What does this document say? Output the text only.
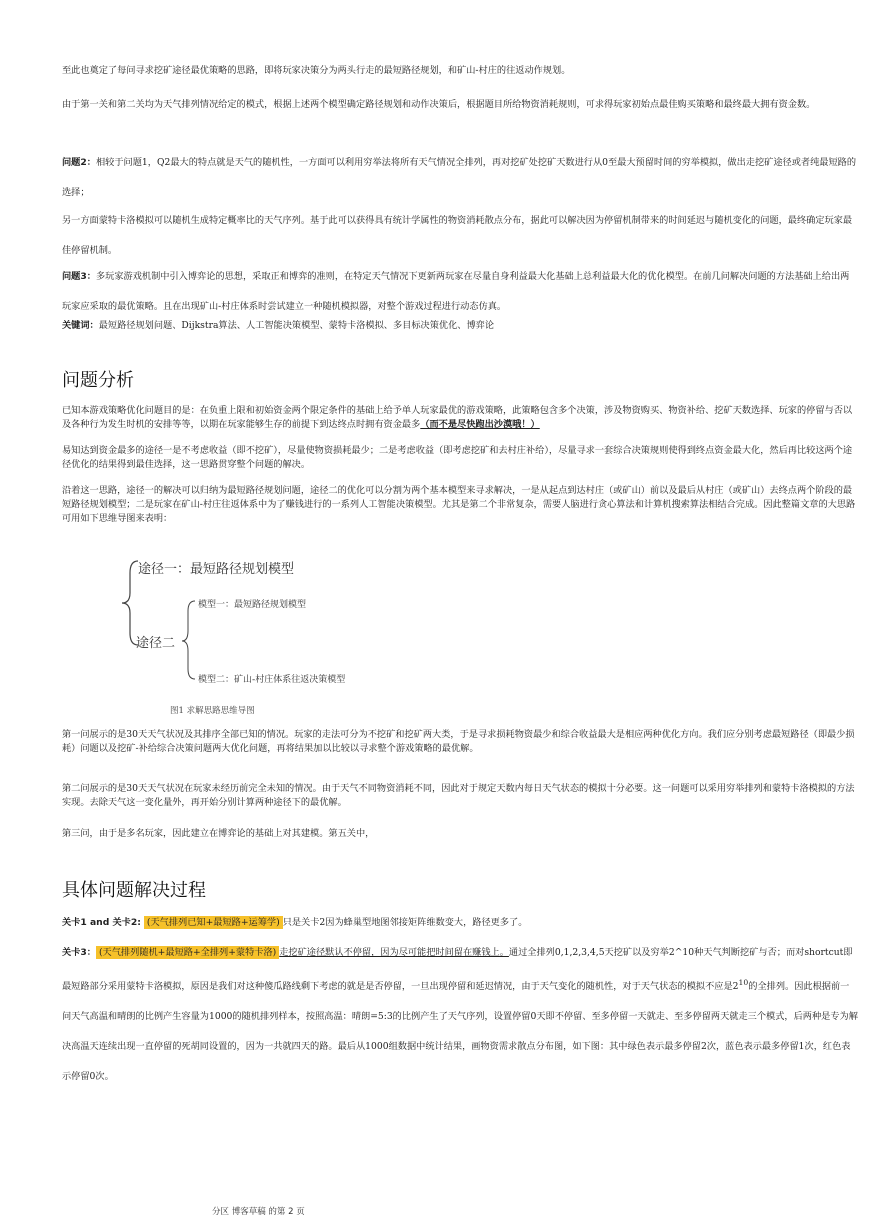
至此也奠定了每问寻求挖矿途径最优策略的思路，即将玩家决策分为两头行走的最短路径规划，和矿山-村庄的往返动作规划。

由于第一关和第二关均为天气排列情况给定的模式，根据上述两个模型确定路径规划和动作决策后，根据题目所给物资消耗规则，可求得玩家初始点最佳购买策略和最终最大拥有资金数。

问题2：相较于问题1，Q2最大的特点就是天气的随机性，一方面可以利用穷举法将所有天气情况全排列，再对挖矿处挖矿天数进行从0至最大预留时间的穷举模拟，做出走挖矿途径或者纯最短路的选择；

另一方面蒙特卡洛模拟可以随机生成特定概率比的天气序列。基于此可以获得具有统计学属性的物资消耗散点分布，据此可以解决因为停留机制带来的时间延迟与随机变化的问题，最终确定玩家最佳停留机制。

问题3：多玩家游戏机制中引入博弈论的思想，采取正和博弈的准则，在特定天气情况下更新两玩家在尽量自身利益最大化基础上总利益最大化的优化模型。在前几问解决问题的方法基础上给出两玩家应采取的最优策略。且在出现矿山-村庄体系时尝试建立一种随机模拟器，对整个游戏过程进行动态仿真。

关键词：最短路径规划问题、Dijkstra算法、人工智能决策模型、蒙特卡洛模拟、多目标决策优化、博弈论

问题分析

已知本游戏策略优化问题目的是：在负重上限和初始资金两个限定条件的基础上给予单人玩家最优的游戏策略，此策略包含多个决策，涉及物资购买、物资补给、挖矿天数选择、玩家的停留与否以及各种行为发生时机的安排等等，以期在玩家能够生存的前提下到达终点时拥有资金最多（而不是尽快跑出沙漠哦！）

易知达到资金最多的途径一是不考虑收益（即不挖矿），尽量使物资损耗最少；二是考虑收益（即考虑挖矿和去村庄补给），尽量寻求一套综合决策规则使得到终点资金最大化，然后再比较这两个途径优化的结果得到最佳选择，这一思路贯穿整个问题的解决。

沿着这一思路，途径一的解决可以归纳为最短路径规划问题，途径二的优化可以分割为两个基本模型来寻求解决，一是从起点到达村庄（或矿山）前以及最后从村庄（或矿山）去终点两个阶段的最短路径规划模型；二是玩家在矿山-村庄往返体系中为了赚钱进行的一系列人工智能决策模型。尤其是第二个非常复杂，需要人脑进行贪心算法和计算机搜索算法相结合完成。因此整篇文章的大思路可用如下思维导图来表明：

途径一：最短路径规划模型
途径二
模型一：最短路径规划模型
模型二：矿山-村庄体系往返决策模型
图1 求解思路思维导图

第一问展示的是30天天气状况及其排序全部已知的情况。玩家的走法可分为不挖矿和挖矿两大类，于是寻求损耗物资最少和综合收益最大是相应两种优化方向。我们应分别考虑最短路径（即最少损耗）问题以及挖矿-补给综合决策问题两大优化问题，再将结果加以比较以寻求整个游戏策略的最优解。

第二问展示的是30天天气状况在玩家未经历前完全未知的情况。由于天气不同物资消耗不同，因此对于规定天数内每日天气状态的模拟十分必要。这一问题可以采用穷举排列和蒙特卡洛模拟的方法实现。去除天气这一变化量外，再开始分别计算两种途径下的最优解。

第三问，由于是多名玩家，因此建立在博弈论的基础上对其建模。第五关中，

具体问题解决过程

关卡1 and 关卡2: (天气排列已知+最短路+运筹学) 只是关卡2因为蜂巢型地图邻接矩阵维数变大，路径更多了。

关卡3： (天气排列随机+最短路+全排列+蒙特卡洛) 走挖矿途径默认不停留，因为尽可能把时间留在赚钱上。通过全排列0,1,2,3,4,5天挖矿以及穷举2^10种天气判断挖矿与否；而对shortcut即最短路部分采用蒙特卡洛模拟，原因是我们对这种傻瓜路线剩下考虑的就是是否停留，一旦出现停留和延迟情况，由于天气变化的随机性，对于天气状态的模拟不应是$2^{10}$的全排列。因此根据前一问天气高温和晴朗的比例产生容量为1000的随机排列样本，按照高温：晴朗=5:3的比例产生了天气序列，设置停留0天即不停留、至多停留一天就走、至多停留两天就走三个模式，后两种是专为解决高温天连续出现一直停留的死胡同设置的，因为一共就四天的路。最后从1000组数据中统计结果，画物资需求散点分布图，如下图：其中绿色表示最多停留2次，蓝色表示最多停留1次，红色表示停留0次。

分区 博客草稿 的第 2 页
